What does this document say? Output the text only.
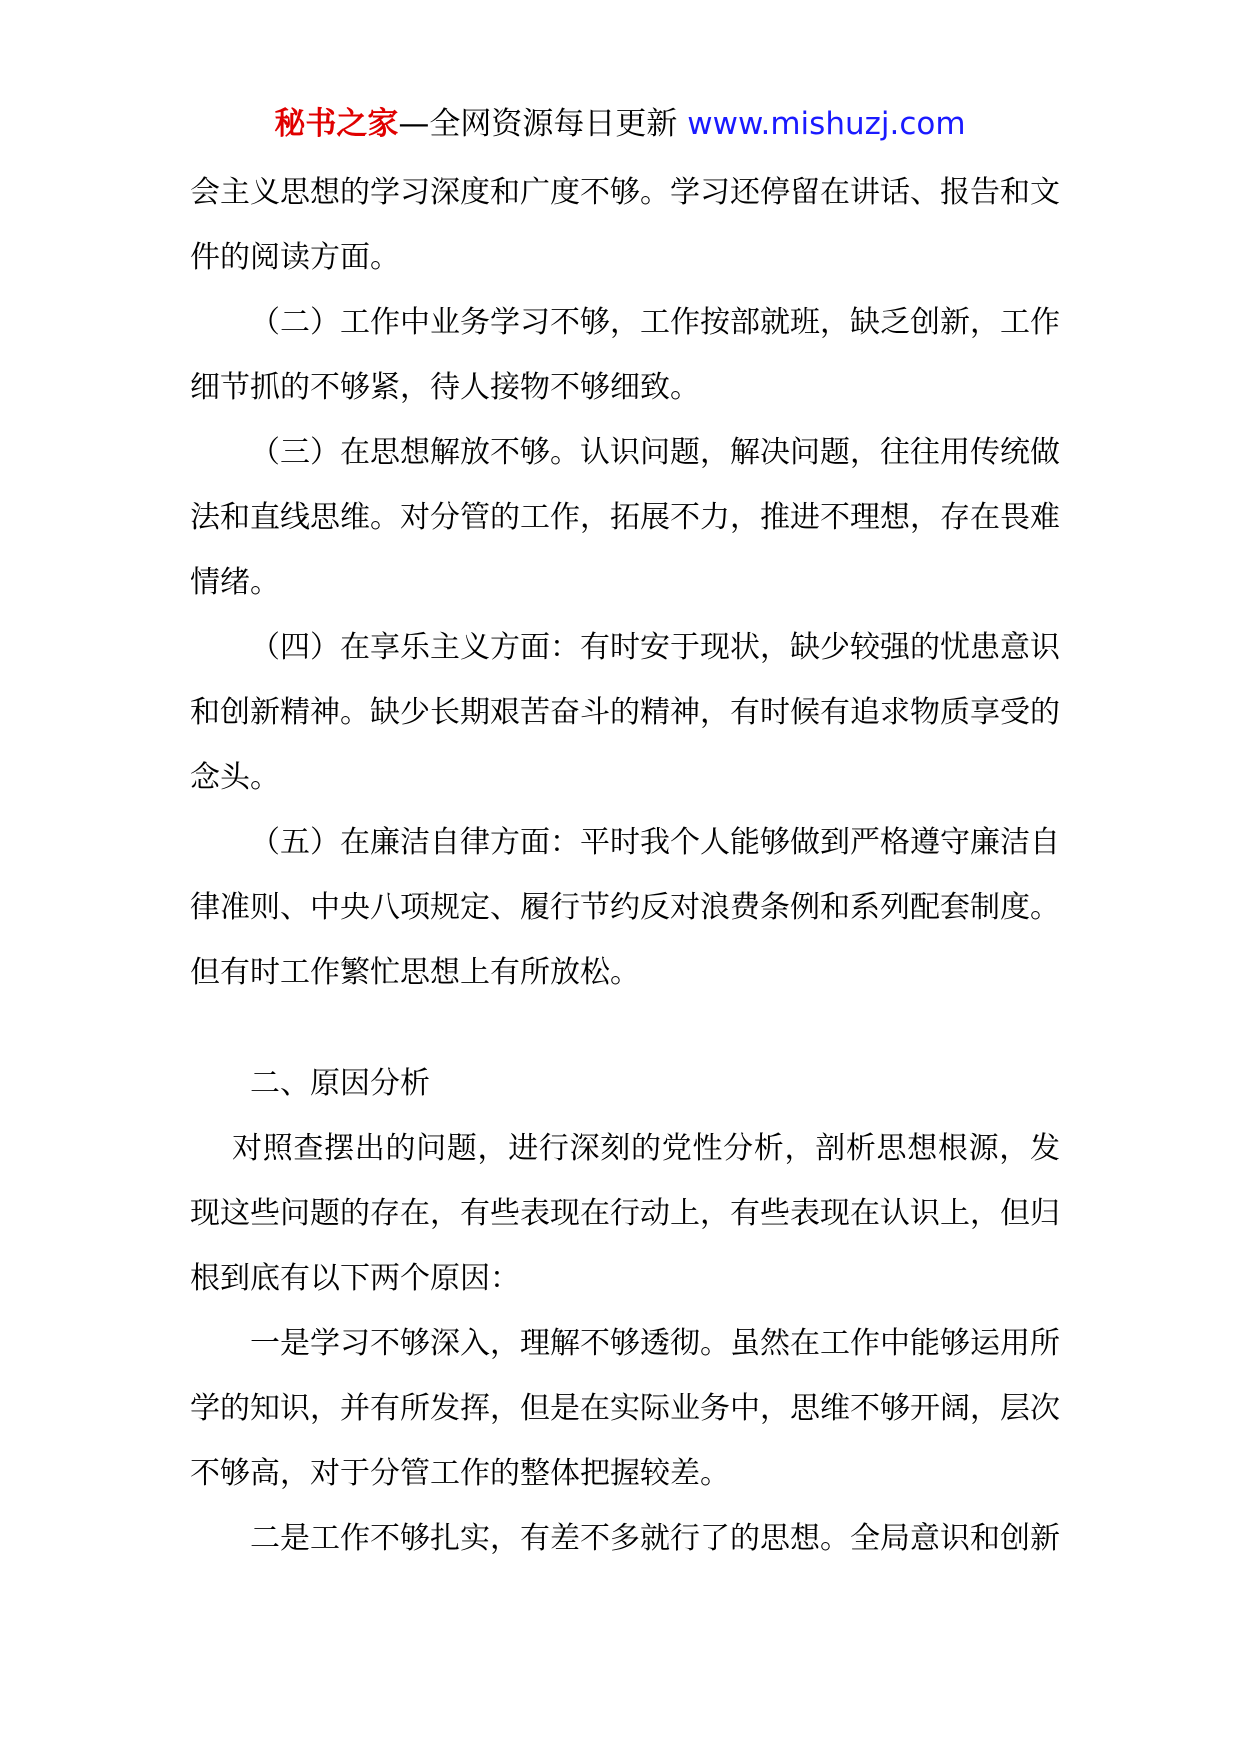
秘书之家—全网资源每日更新 www.mishuzj.com

会主义思想的学习深度和广度不够。学习还停留在讲话、报告和文件的阅读方面。

（二）工作中业务学习不够，工作按部就班，缺乏创新，工作细节抓的不够紧，待人接物不够细致。

（三）在思想解放不够。认识问题，解决问题，往往用传统做法和直线思维。对分管的工作，拓展不力，推进不理想，存在畏难情绪。

（四）在享乐主义方面：有时安于现状，缺少较强的忧患意识和创新精神。缺少长期艰苦奋斗的精神，有时候有追求物质享受的念头。

（五）在廉洁自律方面：平时我个人能够做到严格遵守廉洁自律准则、中央八项规定、履行节约反对浪费条例和系列配套制度。但有时工作繁忙思想上有所放松。

二、原因分析

对照查摆出的问题，进行深刻的党性分析，剖析思想根源，发现这些问题的存在，有些表现在行动上，有些表现在认识上，但归根到底有以下两个原因：

一是学习不够深入，理解不够透彻。虽然在工作中能够运用所学的知识，并有所发挥，但是在实际业务中，思维不够开阔，层次不够高，对于分管工作的整体把握较差。

二是工作不够扎实，有差不多就行了的思想。全局意识和创新
